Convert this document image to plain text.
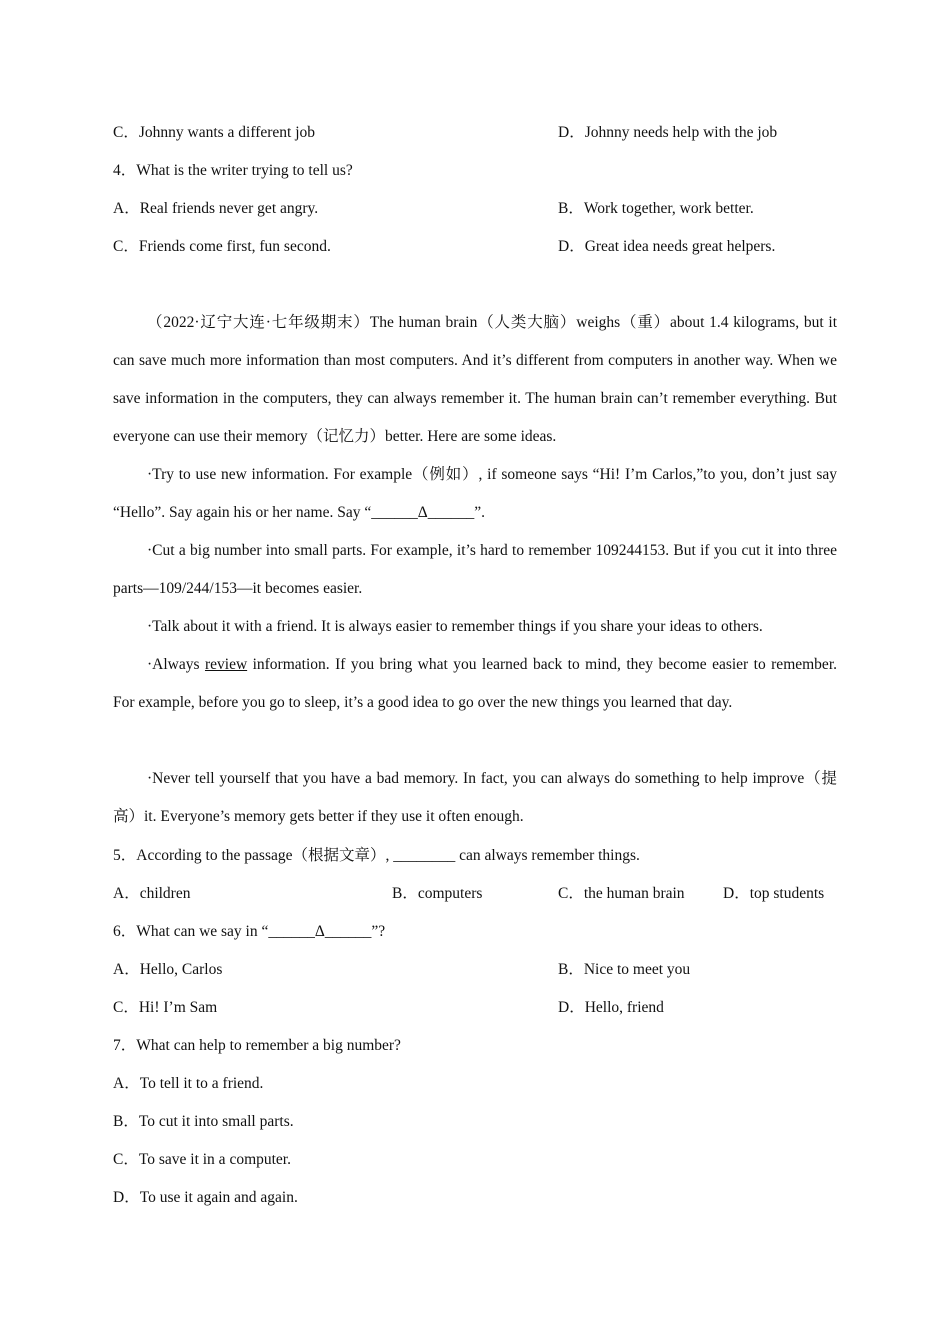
C．Johnny wants a different job	D．Johnny needs help with the job
4．What is the writer trying to tell us?
A．Real friends never get angry.	B．Work together, work better.
C．Friends come first, fun second.	D．Great idea needs great helpers.
（2022·辽宁大连·七年级期末）The human brain（人类大脑）weighs（重）about 1.4 kilograms, but it can save much more information than most computers. And it’s different from computers in another way. When we save information in the computers, they can always remember it. The human brain can’t remember everything. But everyone can use their memory（记忆力）better. Here are some ideas.
·Try to use new information. For example（例如）, if someone says “Hi! I’m Carlos,”to you, don’t just say “Hello”. Say again his or her name. Say “______Δ______”.
·Cut a big number into small parts. For example, it’s hard to remember 109244153. But if you cut it into three parts—109/244/153—it becomes easier.
·Talk about it with a friend. It is always easier to remember things if you share your ideas to others.
·Always review information. If you bring what you learned back to mind, they become easier to remember. For example, before you go to sleep, it’s a good idea to go over the new things you learned that day.
·Never tell yourself that you have a bad memory. In fact, you can always do something to help improve（提高）it. Everyone’s memory gets better if they use it often enough.
5．According to the passage（根据文章）, ________ can always remember things.
A．children	B．computers	C．the human brain D．top students
6．What can we say in “______Δ______”?
A．Hello, Carlos	B．Nice to meet you
C．Hi! I’m Sam	D．Hello, friend
7．What can help to remember a big number?
A．To tell it to a friend.
B．To cut it into small parts.
C．To save it in a computer.
D．To use it again and again.
